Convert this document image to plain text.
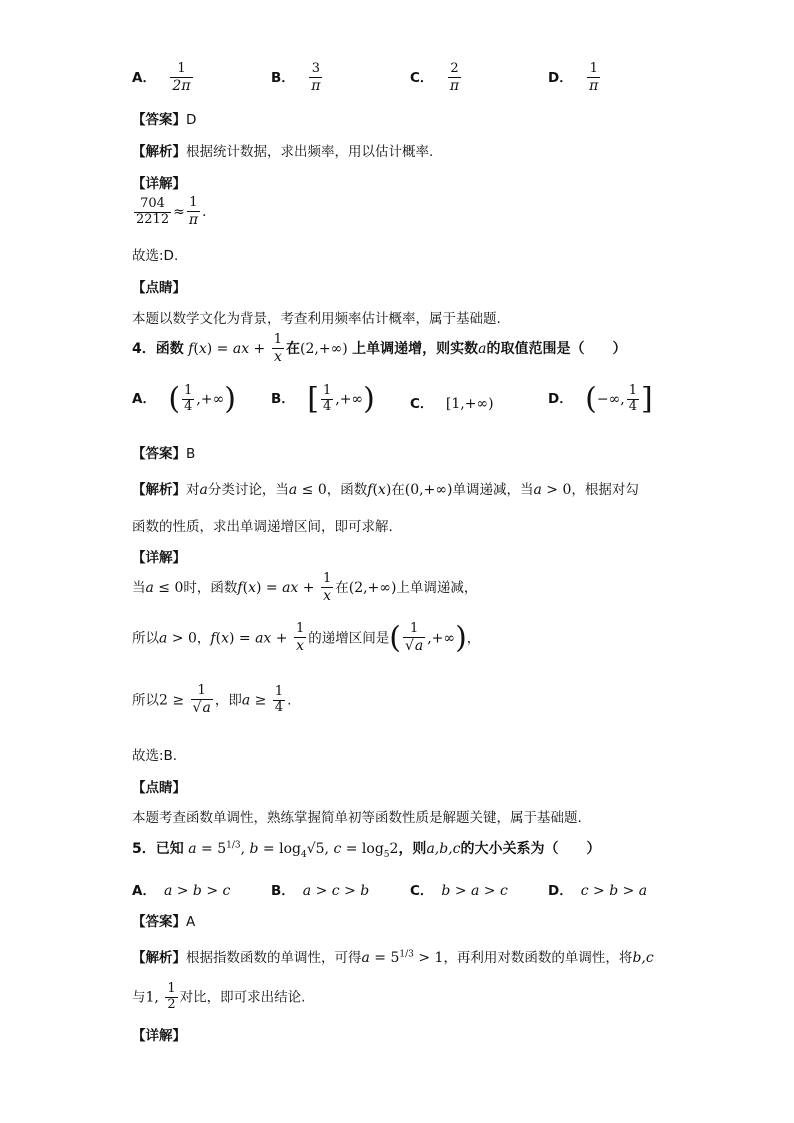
A． $\frac{1}{2\pi}$	B． $\frac{3}{\pi}$	C． $\frac{2}{\pi}$	D． $\frac{1}{\pi}$
【答案】D
【解析】根据统计数据，求出频率，用以估计概率.
【详解】
$\frac{704}{2212} \approx \frac{1}{\pi}$ .
故选:D.
【点睛】
本题以数学文化为背景，考查利用频率估计概率，属于基础题.
4．函数 f(x) = ax + $\frac{1}{x}$ 在(2,+∞) 上单调递增，则实数a的取值范围是（　　）
A． ( $\frac{1}{4}$ ,+∞)	B． [ $\frac{1}{4}$ ,+∞)	C． [1,+∞)	D． (−∞, $\frac{1}{4}$ ]
【答案】B
【解析】对a分类讨论，当a ≤ 0，函数f(x)在(0,+∞)单调递减，当a > 0，根据对勾
函数的性质，求出单调递增区间，即可求解.
【详解】
当a ≤ 0时，函数f(x) = ax + $\frac{1}{x}$ 在(2,+∞)上单调递减，
所以a > 0，f(x) = ax + $\frac{1}{x}$ 的递增区间是( $\frac{1}{√a}$ ,+∞)，
所以$2 \ge \frac{1}{√a}$ ，即$a \ge \frac{1}{4}$ .
故选:B.
【点睛】
本题考查函数单调性，熟练掌握简单初等函数性质是解题关键，属于基础题.
5．已知 $a = 5^{1/3}$, $b = \log_4√5$, $c = \log_52$，则a,b,c的大小关系为（　　）
A． a > b > c	B． a > c > b	C． b > a > c	D． c > b > a
【答案】A
【解析】根据指数函数的单调性，可得$a = 5^{1/3} > 1$，再利用对数函数的单调性，将b,c
与1, $\frac{1}{2}$ 对比，即可求出结论.
【详解】
